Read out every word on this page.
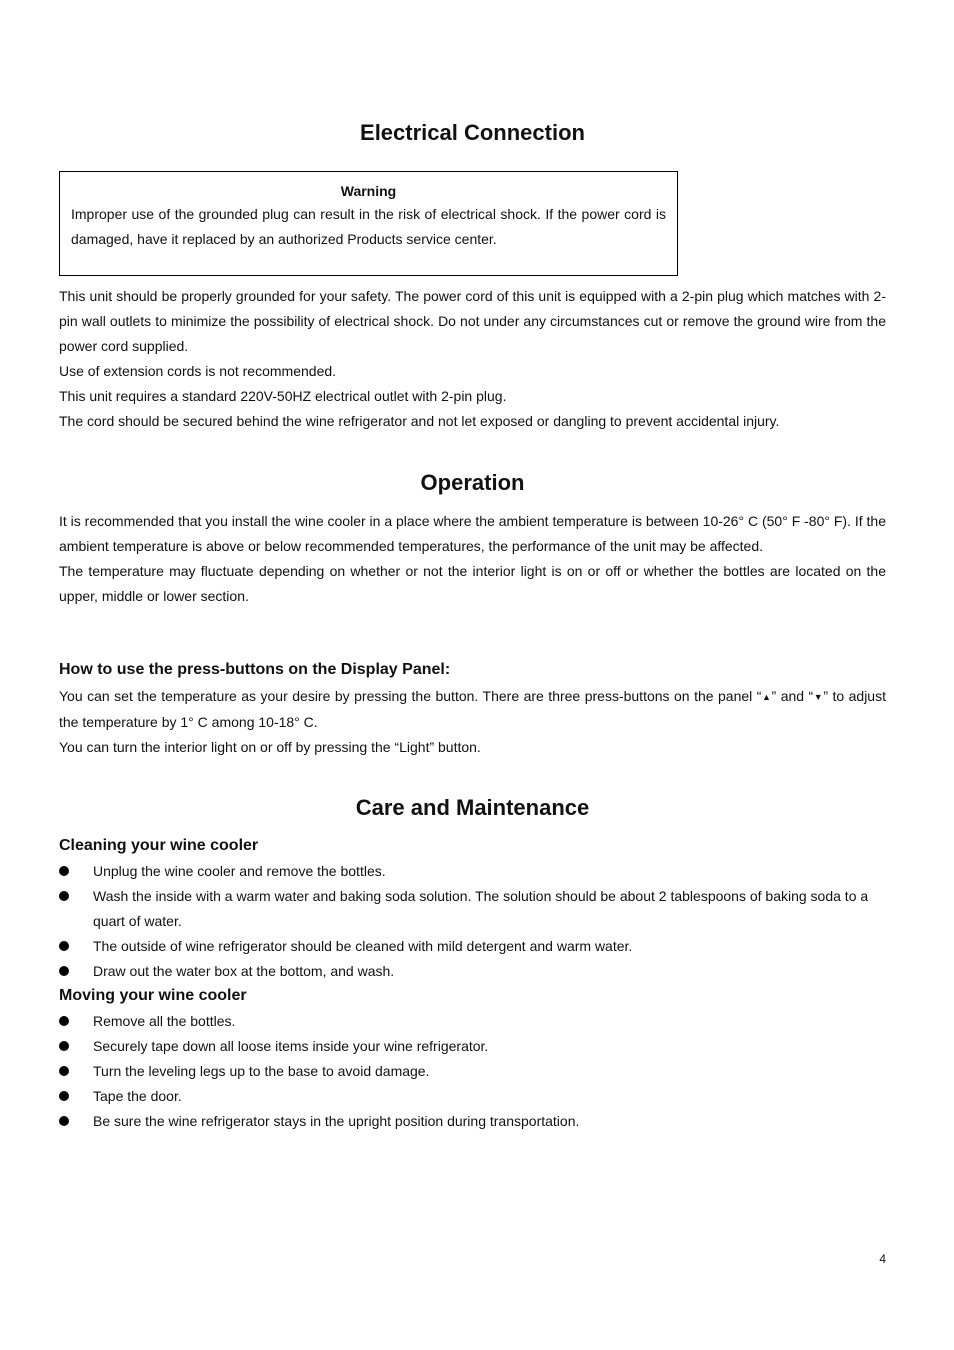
Electrical Connection
Warning
Improper use of the grounded plug can result in the risk of electrical shock. If the power cord is damaged, have it replaced by an authorized Products service center.

This unit should be properly grounded for your safety. The power cord of this unit is equipped with a 2-pin plug which matches with 2-pin wall outlets to minimize the possibility of electrical shock. Do not under any circumstances cut or remove the ground wire from the power cord supplied.

Use of extension cords is not recommended.

This unit requires a standard 220V-50HZ electrical outlet with 2-pin plug.

The cord should be secured behind the wine refrigerator and not let exposed or dangling to prevent accidental injury.

Operation

It is recommended that you install the wine cooler in a place where the ambient temperature is between 10-26° C (50° F -80° F). If the ambient temperature is above or below recommended temperatures, the performance of the unit may be affected.

The temperature may fluctuate depending on whether or not the interior light is on or off or whether the bottles are located on the upper, middle or lower section.

How to use the press-buttons on the Display Panel:

You can set the temperature as your desire by pressing the button. There are three press-buttons on the panel “▲” and “▼” to adjust the temperature by 1° C among 10-18° C.

You can turn the interior light on or off by pressing the “Light” button.

Care and Maintenance
Cleaning your wine cooler
Unplug the wine cooler and remove the bottles.
Wash the inside with a warm water and baking soda solution. The solution should be about 2 tablespoons of baking soda to a quart of water.
The outside of wine refrigerator should be cleaned with mild detergent and warm water.
Draw out the water box at the bottom, and wash.
Moving your wine cooler
Remove all the bottles.
Securely tape down all loose items inside your wine refrigerator.
Turn the leveling legs up to the base to avoid damage.
Tape the door.
Be sure the wine refrigerator stays in the upright position during transportation.
4
